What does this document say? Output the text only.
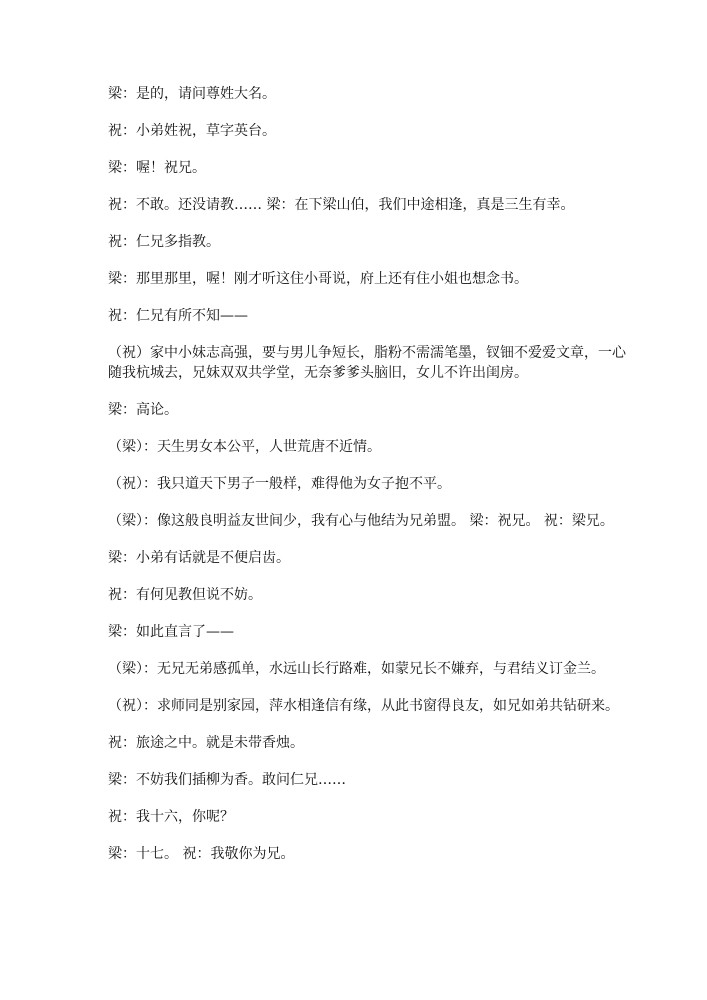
梁：是的，请问尊姓大名。

祝：小弟姓祝，草字英台。

梁：喔！祝兄。

祝：不敢。还没请教…… 梁：在下梁山伯，我们中途相逢，真是三生有幸。

祝：仁兄多指教。

梁：那里那里，喔！刚才听这住小哥说，府上还有住小姐也想念书。

祝：仁兄有所不知——

（祝）家中小妹志高强，要与男儿争短长，脂粉不需濡笔墨，钗钿不爱爱文章，一心随我杭城去，兄妹双双共学堂，无奈爹爹头脑旧，女儿不许出闺房。

梁：高论。

（梁）：天生男女本公平，人世荒唐不近情。

（祝）：我只道天下男子一般样，难得他为女子抱不平。

（梁）：像这般良明益友世间少，我有心与他结为兄弟盟。 梁：祝兄。 祝：梁兄。

梁：小弟有话就是不便启齿。

祝：有何见教但说不妨。

梁：如此直言了——

（梁）：无兄无弟感孤单，水远山长行路难，如蒙兄长不嫌弃，与君结义订金兰。

（祝）：求师同是别家园，萍水相逢信有缘，从此书窗得良友，如兄如弟共钻研来。

祝：旅途之中。就是未带香烛。

梁：不妨我们插柳为香。敢问仁兄……

祝：我十六，你呢？

梁：十七。 祝：我敬你为兄。
